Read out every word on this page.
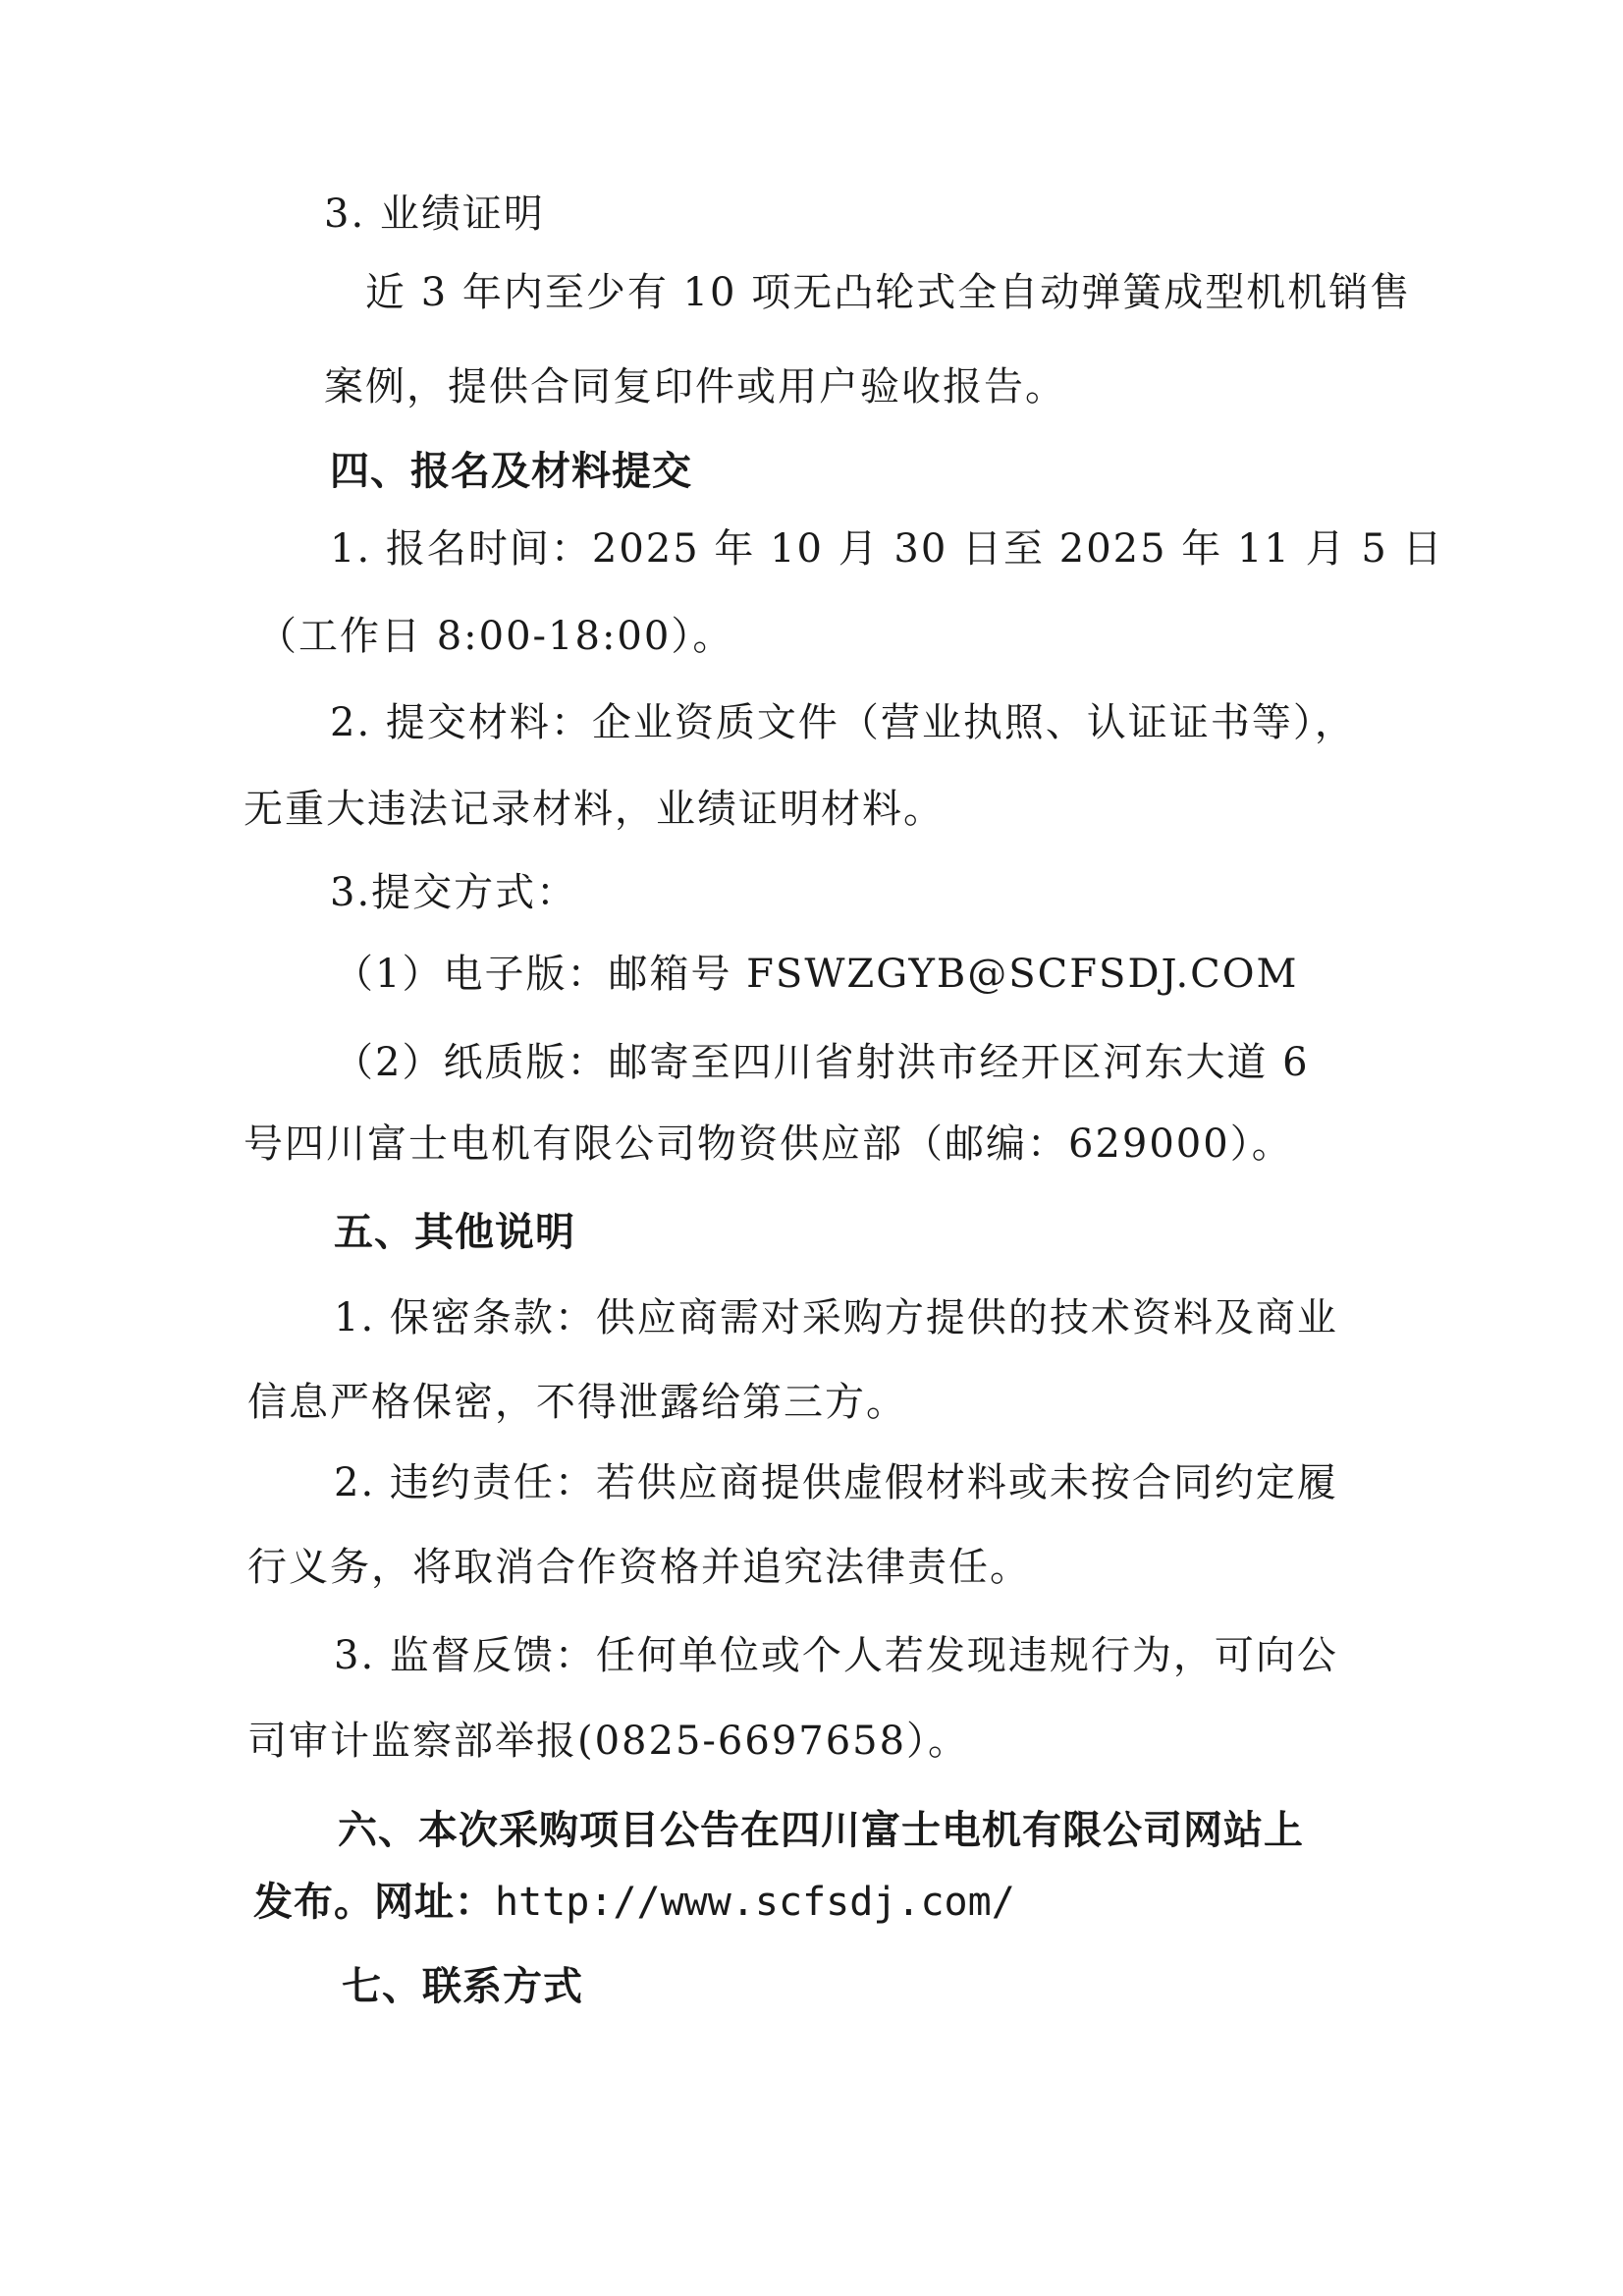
3. 业绩证明
近 3 年内至少有 10 项无凸轮式全自动弹簧成型机机销售
案例，提供合同复印件或用户验收报告。
四、报名及材料提交
1. 报名时间：2025 年 10 月 30 日至 2025 年 11 月 5 日
（工作日 8:00-18:00）。
2. 提交材料：企业资质文件（营业执照、认证证书等），
无重大违法记录材料，业绩证明材料。
3.提交方式：
（1）电子版：邮箱号 FSWZGYB@SCFSDJ.COM
（2）纸质版：邮寄至四川省射洪市经开区河东大道 6
号四川富士电机有限公司物资供应部（邮编：629000）。
五、其他说明
1. 保密条款：供应商需对采购方提供的技术资料及商业
信息严格保密，不得泄露给第三方。
2. 违约责任：若供应商提供虚假材料或未按合同约定履
行义务，将取消合作资格并追究法律责任。
3. 监督反馈：任何单位或个人若发现违规行为，可向公
司审计监察部举报(0825-6697658）。
六、本次采购项目公告在四川富士电机有限公司网站上
发布。网址：http://www.scfsdj.com/
七、联系方式
